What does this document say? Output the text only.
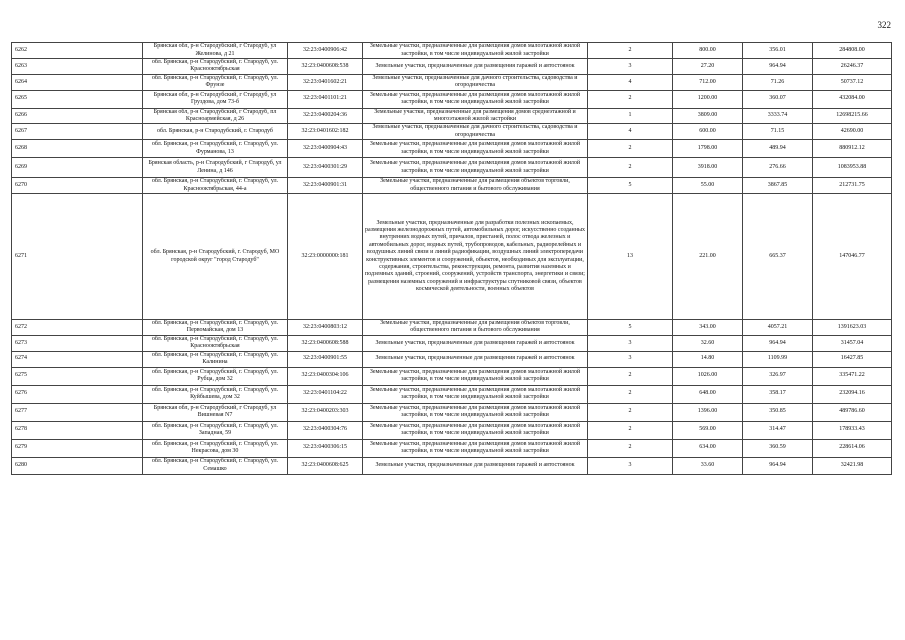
322
6262	Брянская обл, р-н Стародубский, г Стародуб, ул Желинова, д 21	32:23:0400906:42	Земельные участки, предназначенные для размещения домов малоэтажной жилой застройки, в том числе индивидуальной жилой застройки	2	800.00	356.01	284808.00
6263	обл. Брянская, р-н Стародубский, г. Стародуб, ул. Краснооктябрьская	32:23:0400608:538	Земельные участки, предназначенные для размещения гаражей и автостоянок	3	27.20	964.94	26246.37
6264	обл. Брянская, р-н Стародубский, г. Стародуб, ул. Фрунзе	32:23:0401602:21	Земельные участки, предназначенные для дачного строительства, садоводства и огородничества	4	712.00	71.26	50737.12
6265	Брянская обл, р-н Стародубский, г Стародуб, ул Груздова, дом 73-б	32:23:0401101:21	Земельные участки, предназначенные для размещения домов малоэтажной жилой застройки, в том числе индивидуальной жилой застройки	2	1200.00	360.07	432084.00
6266	Брянская обл, р-н Стародубский, г Стародуб, пл Красноармейская, д 26	32:23:0400204:36	Земельные участки, предназначенные для размещения домов среднеэтажной и многоэтажной жилой застройки	1	3809.00	3333.74	12698215.66
6267	обл. Брянская, р-н Стародубский, г. Стародуб	32:23:0401602:182	Земельные участки, предназначенные для дачного строительства, садоводства и огородничества	4	600.00	71.15	42690.00
6268	обл. Брянская, р-н Стародубский, г. Стародуб, ул. Фурманова, 13	32:23:0400904:43	Земельные участки, предназначенные для размещения домов малоэтажной жилой застройки, в том числе индивидуальной жилой застройки	2	1798.00	489.94	880912.12
6269	Брянская область, р-н Стародубский, г Стародуб, ул Ленина, д 146	32:23:0400301:29	Земельные участки, предназначенные для размещения домов малоэтажной жилой застройки, в том числе индивидуальной жилой застройки	2	3918.00	276.66	1083953.88
6270	обл. Брянская, р-н Стародубский, г. Стародуб, ул. Краснооктябрьская, 44-а	32:23:0400901:31	Земельные участки, предназначенные для размещения объектов торговли, общественного питания и бытового обслуживания	5	55.00	3867.85	212731.75
6271	обл. Брянская, р-н Стародубский, г. Стародуб, МО городской округ "город Стародуб"	32:23:0000000:181	Земельные участки, предназначенные для разработки полезных ископаемых, размещения железнодорожных путей, автомобильных дорог, искусственно созданных внутренних водных путей, причалов, пристаней, полос отвода железных и автомобильных дорог, водных путей, трубопроводов, кабельных, радиорелейных и воздушных линий связи и линий радиофикации, воздушных линий электропередачи конструктивных элементов и сооружений, объектов, необходимых для эксплуатации, содержания, строительства, реконструкции, ремонта, развития наземных и подземных зданий, строений, сооружений, устройств транспорта, энергетики и связи; размещения наземных сооружений и инфраструктуры спутниковой связи, объектов космической деятельности, военных объектов	13	221.00	665.37	147046.77
6272	обл. Брянская, р-н Стародубский, г. Стародуб, ул. Первомайская, дом 13	32:23:0400803:12	Земельные участки, предназначенные для размещения объектов торговли, общественного питания и бытового обслуживания	5	343.00	4057.21	1391623.03
6273	обл. Брянская, р-н Стародубский, г. Стародуб, ул. Краснооктябрьская	32:23:0400608:588	Земельные участки, предназначенные для размещения гаражей и автостоянок	3	32.60	964.94	31457.04
6274	обл. Брянская, р-н Стародубский, г. Стародуб, ул. Калинина	32:23:0400901:55	Земельные участки, предназначенные для размещения гаражей и автостоянок	3	14.80	1109.99	16427.85
6275	обл. Брянская, р-н Стародубский, г. Стародуб, ул. Рубца, дом 32	32:23:0400304:106	Земельные участки, предназначенные для размещения домов малоэтажной жилой застройки, в том числе индивидуальной жилой застройки	2	1026.00	326.97	335471.22
6276	обл. Брянская, р-н Стародубский, г. Стародуб, ул. Куйбышева, дом 32	32:23:0401104:22	Земельные участки, предназначенные для размещения домов малоэтажной жилой застройки, в том числе индивидуальной жилой застройки	2	648.00	358.17	232094.16
6277	Брянская обл, р-н Стародубский, г Стародуб, ул Вишневая N7	32:23:0400203:303	Земельные участки, предназначенные для размещения домов малоэтажной жилой застройки, в том числе индивидуальной жилой застройки	2	1396.00	350.85	489786.60
6278	обл. Брянская, р-н Стародубский, г. Стародуб, ул. Западная, 59	32:23:0400304:76	Земельные участки, предназначенные для размещения домов малоэтажной жилой застройки, в том числе индивидуальной жилой застройки	2	569.00	314.47	178933.43
6279	обл. Брянская, р-н Стародубский, г. Стародуб, ул. Некрасова, дом 30	32:23:0400306:15	Земельные участки, предназначенные для размещения домов малоэтажной жилой застройки, в том числе индивидуальной жилой застройки	2	634.00	360.59	228614.06
6280	обл. Брянская, р-н Стародубский, г. Стародуб, ул. Семашко	32:23:0400608:625	Земельные участки, предназначенные для размещения гаражей и автостоянок	3	33.60	964.94	32421.98
